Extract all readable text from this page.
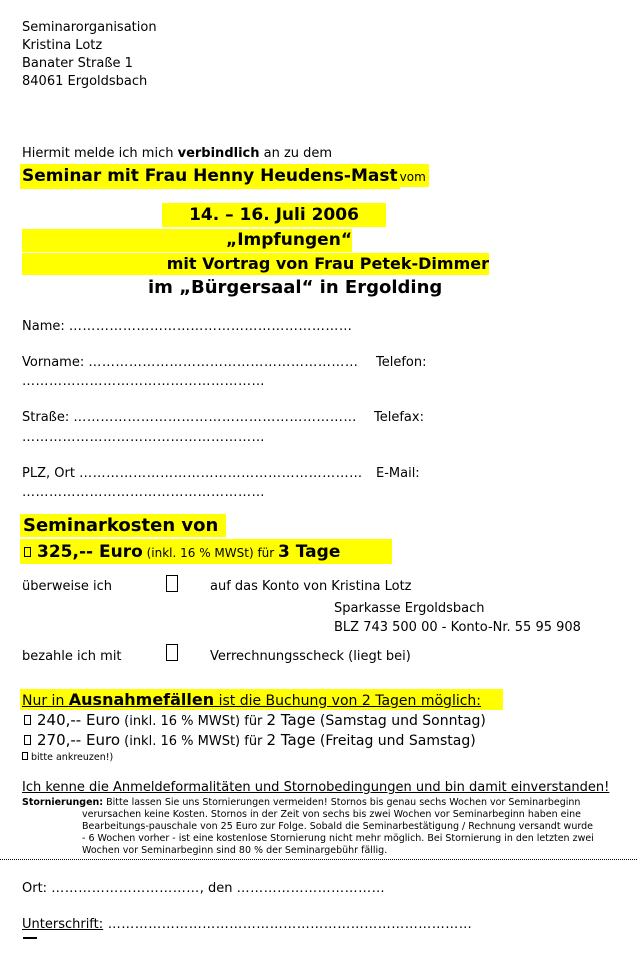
Seminarorganisation
Kristina Lotz
Banater Straße 1
84061 Ergoldsbach
Hiermit melde ich mich verbindlich an zu dem
Seminar mit Frau Henny Heudens-Mastvom
14. – 16. Juli 2006
„Impfungen“
mit Vortrag von Frau Petek-Dimmer
im „Bürgersaal“ in Ergolding
Name: ………………………………………………………
Vorname: …………………………………………………… Telefon:
………………………………………………
Straße: ……………………………………………………… Telefax:
………………………………………………
PLZ, Ort ……………………………………………………… E-Mail:
………………………………………………
Seminarkosten von
325,-- Euro (inkl. 16 % MWSt) für 3 Tage
überweise ich	auf das Konto von Kristina Lotz
Sparkasse Ergoldsbach
BLZ 743 500 00 - Konto-Nr. 55 95 908
bezahle ich mit	Verrechnungsscheck (liegt bei)
Nur in Ausnahmefällen ist die Buchung von 2 Tagen möglich:
240,-- Euro (inkl. 16 % MWSt) für 2 Tage (Samstag und Sonntag)
270,-- Euro (inkl. 16 % MWSt) für 2 Tage (Freitag und Samstag)
bitte ankreuzen!)
Ich kenne die Anmeldeformalitäten und Stornobedingungen und bin damit einverstanden!
Stornierungen: Bitte lassen Sie uns Stornierungen vermeiden! Stornos bis genau sechs Wochen vor Seminarbeginn
verursachen keine Kosten. Stornos in der Zeit von sechs bis zwei Wochen vor Seminarbeginn haben eine
Bearbeitungs-pauschale von 25 Euro zur Folge. Sobald die Seminarbestätigung / Rechnung versandt wurde
- 6 Wochen vorher - ist eine kostenlose Stornierung nicht mehr möglich. Bei Stornierung in den letzten zwei
Wochen vor Seminarbeginn sind 80 % der Seminargebühr fällig.
Ort: ……………………………, den ……………………………
Unterschrift: ………………………………………………………………………
